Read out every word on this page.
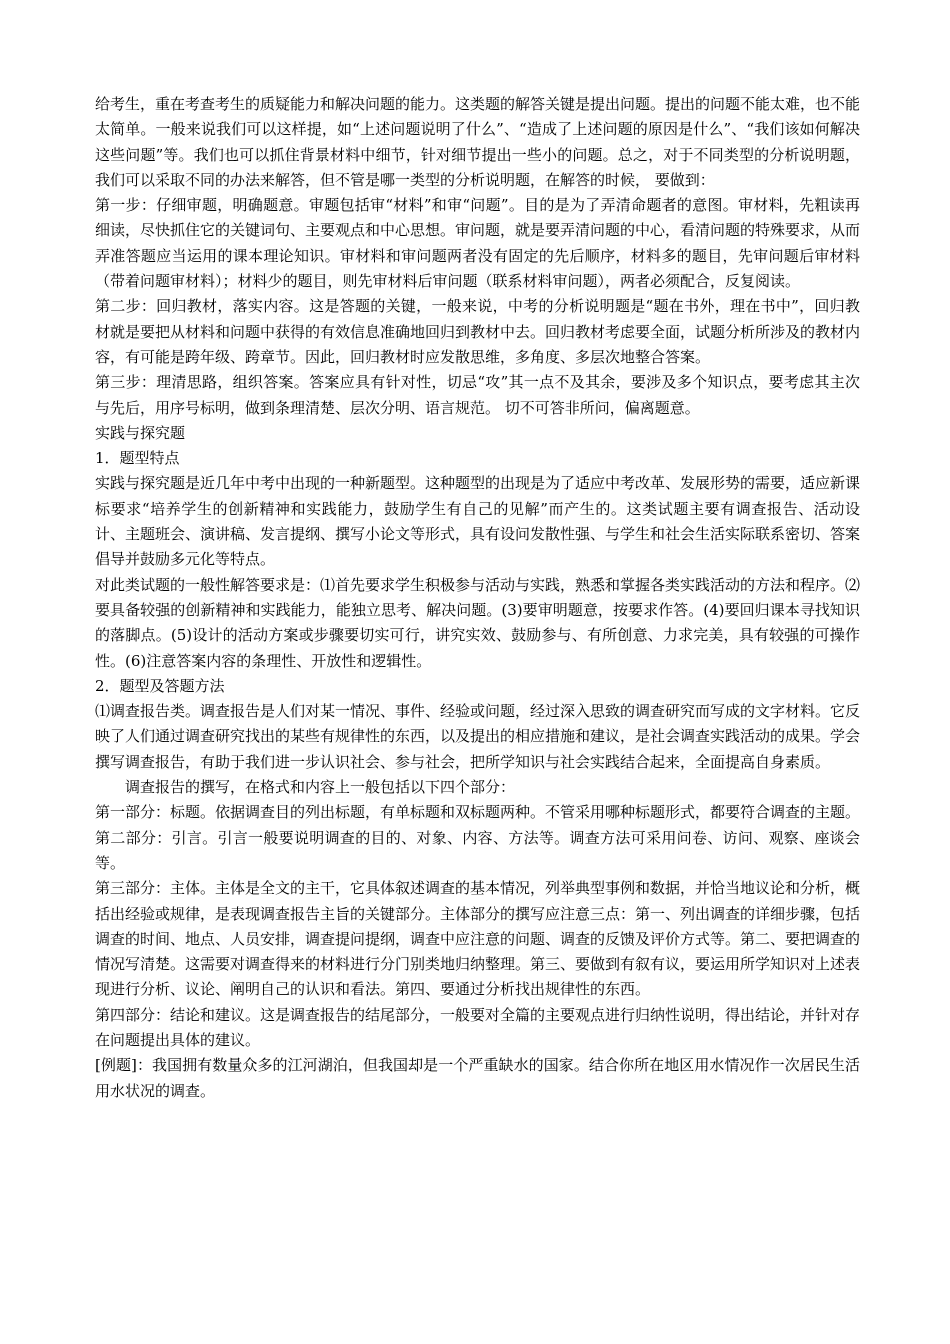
给考生，重在考查考生的质疑能力和解决问题的能力。这类题的解答关键是提出问题。提出的问题不能太难，也不能太简单。一般来说我们可以这样提，如“上述问题说明了什么”、“造成了上述问题的原因是什么”、“我们该如何解决这些问题”等。我们也可以抓住背景材料中细节，针对细节提出一些小的问题。总之，对于不同类型的分析说明题，我们可以采取不同的办法来解答，但不管是哪一类型的分析说明题，在解答的时候， 要做到：

第一步：仔细审题，明确题意。审题包括审“材料”和审“问题”。目的是为了弄清命题者的意图。审材料，先粗读再细读，尽快抓住它的关键词句、主要观点和中心思想。审问题，就是要弄清问题的中心，看清问题的特殊要求，从而弄准答题应当运用的课本理论知识。审材料和审问题两者没有固定的先后顺序，材料多的题目，先审问题后审材料（带着问题审材料）；材料少的题目，则先审材料后审问题（联系材料审问题），两者必须配合，反复阅读。

第二步：回归教材，落实内容。这是答题的关键，一般来说，中考的分析说明题是“题在书外，理在书中”，回归教材就是要把从材料和问题中获得的有效信息准确地回归到教材中去。回归教材考虑要全面，试题分析所涉及的教材内容，有可能是跨年级、跨章节。因此，回归教材时应发散思维，多角度、多层次地整合答案。

第三步：理清思路，组织答案。答案应具有针对性，切忌“攻”其一点不及其余，要涉及多个知识点，要考虑其主次与先后，用序号标明，做到条理清楚、层次分明、语言规范。 切不可答非所问，偏离题意。

实践与探究题

1．题型特点

实践与探究题是近几年中考中出现的一种新题型。这种题型的出现是为了适应中考改革、发展形势的需要，适应新课标要求“培养学生的创新精神和实践能力，鼓励学生有自己的见解”而产生的。这类试题主要有调查报告、活动设计、主题班会、演讲稿、发言提纲、撰写小论文等形式，具有设问发散性强、与学生和社会生活实际联系密切、答案倡导并鼓励多元化等特点。

对此类试题的一般性解答要求是：⑴首先要求学生积极参与活动与实践，熟悉和掌握各类实践活动的方法和程序。⑵要具备较强的创新精神和实践能力，能独立思考、解决问题。(3)要审明题意，按要求作答。(4)要回归课本寻找知识的落脚点。(5)设计的活动方案或步骤要切实可行，讲究实效、鼓励参与、有所创意、力求完美，具有较强的可操作性。(6)注意答案内容的条理性、开放性和逻辑性。

2．题型及答题方法

⑴调查报告类。调查报告是人们对某一情况、事件、经验或问题，经过深入思致的调查研究而写成的文字材料。它反映了人们通过调查研究找出的某些有规律性的东西，以及提出的相应措施和建议，是社会调查实践活动的成果。学会撰写调查报告，有助于我们进一步认识社会、参与社会，把所学知识与社会实践结合起来，全面提高自身素质。

调查报告的撰写，在格式和内容上一般包括以下四个部分：

第一部分：标题。依据调查目的列出标题，有单标题和双标题两种。不管采用哪种标题形式，都要符合调查的主题。

第二部分：引言。引言一般要说明调查的目的、对象、内容、方法等。调查方法可采用问卷、访问、观察、座谈会等。

第三部分：主体。主体是全文的主干，它具体叙述调查的基本情况，列举典型事例和数据，并恰当地议论和分析，概括出经验或规律，是表现调查报告主旨的关键部分。主体部分的撰写应注意三点：第一、列出调查的详细步骤，包括调查的时间、地点、人员安排，调查提问提纲，调查中应注意的问题、调查的反馈及评价方式等。第二、要把调查的情况写清楚。这需要对调查得来的材料进行分门别类地归纳整理。第三、要做到有叙有议，要运用所学知识对上述表现进行分析、议论、阐明自己的认识和看法。第四、要通过分析找出规律性的东西。

第四部分：结论和建议。这是调查报告的结尾部分，一般要对全篇的主要观点进行归纳性说明，得出结论，并针对存在问题提出具体的建议。

[例题]：我国拥有数量众多的江河湖泊，但我国却是一个严重缺水的国家。结合你所在地区用水情况作一次居民生活用水状况的调查。
